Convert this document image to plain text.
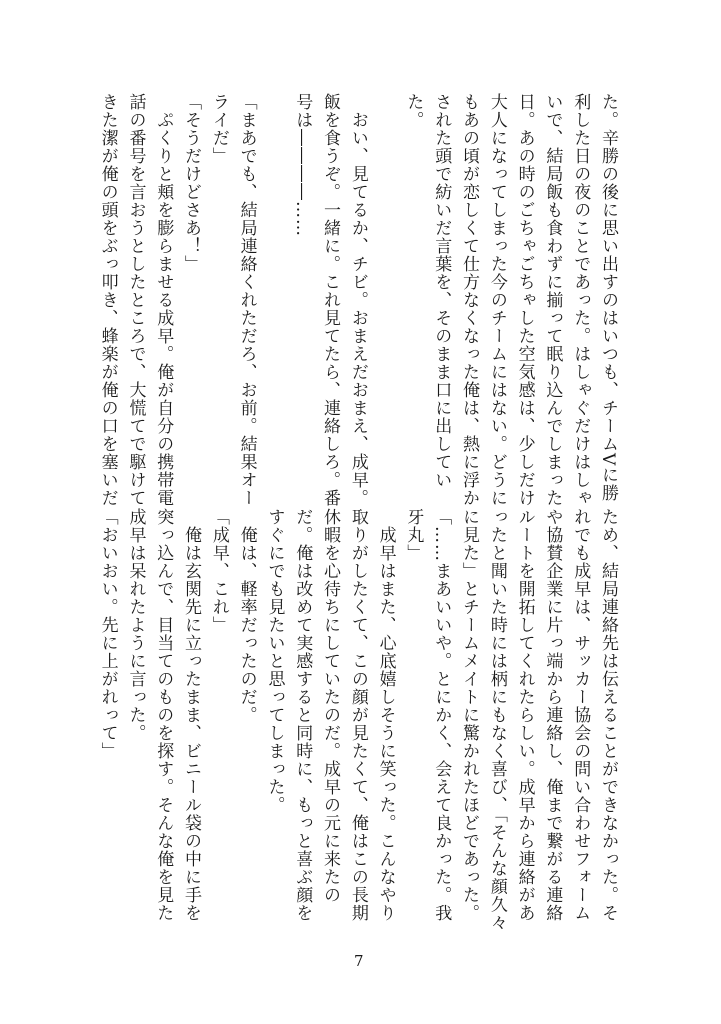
た。辛勝の後に思い出すのはいつも、チームVに勝
利した日の夜のことであった。はしゃぐだけはしゃ
いで、結局飯も食わずに揃って眠り込んでしまった
日。あの時のごちゃごちゃした空気感は、少しだけ
大人になってしまった今のチームにはない。どうに
もあの頃が恋しくて仕方なくなった俺は、熱に浮か
された頭で紡いだ言葉を、そのまま口に出してい
た。
　おい、見てるか、チビ。おまえだおまえ、成早。
飯を食うぞ。一緒に。これ見てたら、連絡しろ。番
号は――――……
「まあでも、結局連絡くれただろ、お前。結果オー
ライだ」
「そうだけどさあ！」
　ぷくりと頬を膨らませる成早。俺が自分の携帯電
話の番号を言おうとしたところで、大慌てで駆けて
きた潔が俺の頭をぶっ叩き、蜂楽が俺の口を塞いだ
ため、結局連絡先は伝えることができなかった。そ
れでも成早は、サッカー協会の問い合わせフォーム
や協賛企業に片っ端から連絡し、俺まで繋がる連絡
ルートを開拓してくれたらしい。成早から連絡があ
ったと聞いた時には柄にもなく喜び、「そんな顔久々
に見た」とチームメイトに驚かれたほどであった。
「……まあいいや。とにかく、会えて良かった。我
牙丸」
　成早はまた、心底嬉しそうに笑った。こんなやり
取りがしたくて、この顔が見たくて、俺はこの長期
休暇を心待ちにしていたのだ。成早の元に来たの
だ。俺は改めて実感すると同時に、もっと喜ぶ顔を
すぐにでも見たいと思ってしまった。
　俺は、軽率だったのだ。
「成早、これ」
　俺は玄関先に立ったまま、ビニール袋の中に手を
突っ込んで、目当てのものを探す。そんな俺を見た
成早は呆れたように言った。
「おいおい。先に上がれって」
7
